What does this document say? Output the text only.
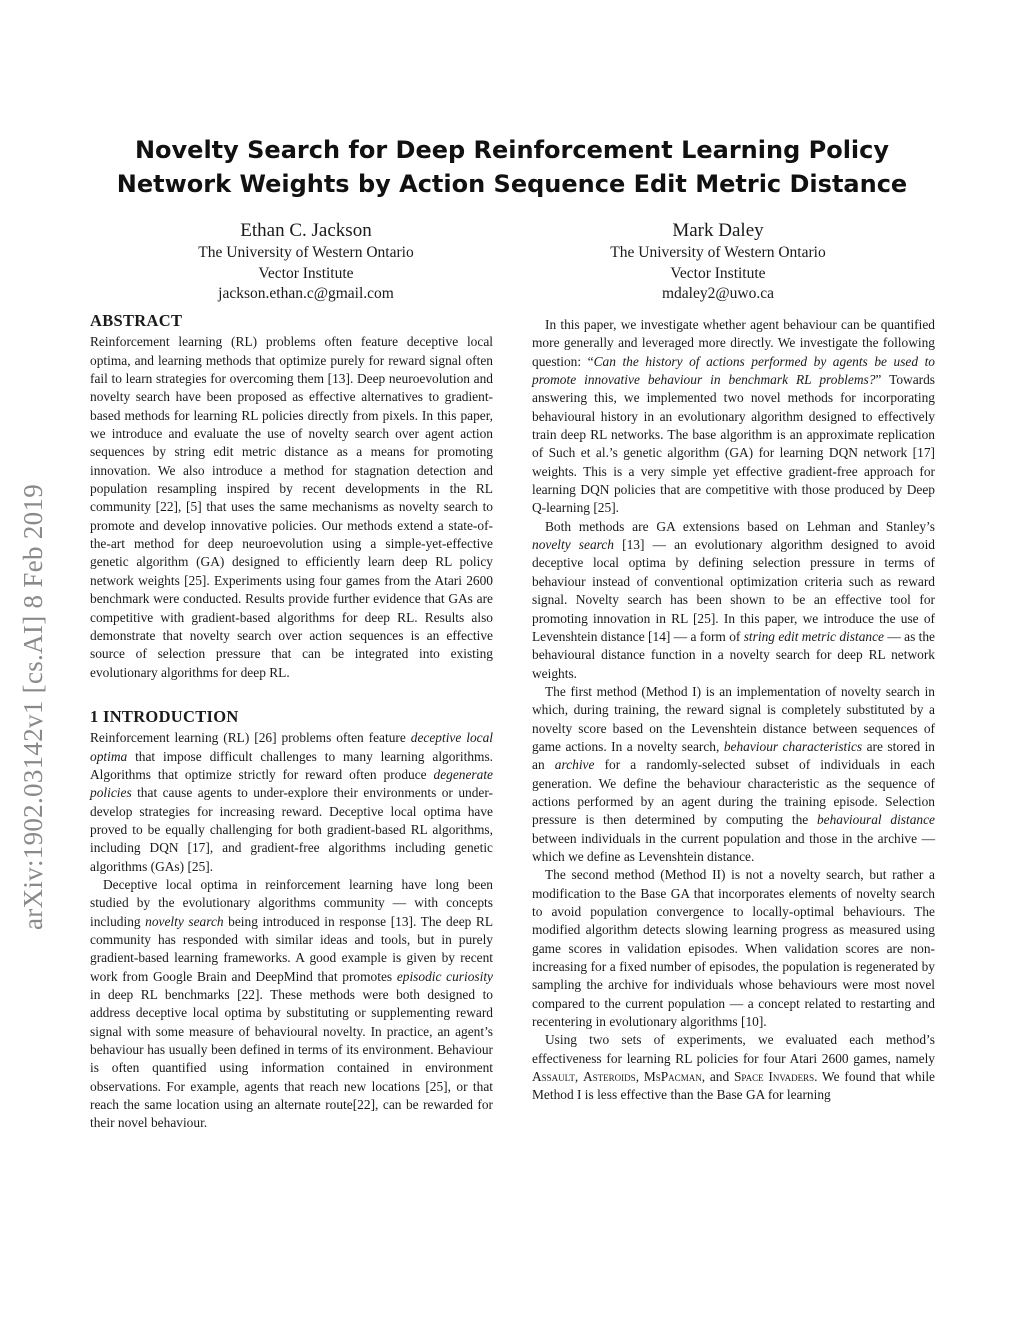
arXiv:1902.03142v1 [cs.AI] 8 Feb 2019
Novelty Search for Deep Reinforcement Learning Policy
Network Weights by Action Sequence Edit Metric Distance
Ethan C. Jackson
The University of Western Ontario
Vector Institute
jackson.ethan.c@gmail.com
Mark Daley
The University of Western Ontario
Vector Institute
mdaley2@uwo.ca
ABSTRACT

Reinforcement learning (RL) problems often feature deceptive local optima, and learning methods that optimize purely for reward signal often fail to learn strategies for overcoming them [13]. Deep neuroevolution and novelty search have been proposed as effective alternatives to gradient-based methods for learning RL policies directly from pixels. In this paper, we introduce and evaluate the use of novelty search over agent action sequences by string edit metric distance as a means for promoting innovation. We also introduce a method for stagnation detection and population resampling inspired by recent developments in the RL community [22], [5] that uses the same mechanisms as novelty search to promote and develop innovative policies. Our methods extend a state-of-the-art method for deep neuroevolution using a simple-yet-effective genetic algorithm (GA) designed to efficiently learn deep RL policy network weights [25]. Experiments using four games from the Atari 2600 benchmark were conducted. Results provide further evidence that GAs are competitive with gradient-based algorithms for deep RL. Results also demonstrate that novelty search over action sequences is an effective source of selection pressure that can be integrated into existing evolutionary algorithms for deep RL.

1 INTRODUCTION

Reinforcement learning (RL) [26] problems often feature deceptive local optima that impose difficult challenges to many learning algorithms. Algorithms that optimize strictly for reward often produce degenerate policies that cause agents to under-explore their environments or under-develop strategies for increasing reward. Deceptive local optima have proved to be equally challenging for both gradient-based RL algorithms, including DQN [17], and gradient-free algorithms including genetic algorithms (GAs) [25].

Deceptive local optima in reinforcement learning have long been studied by the evolutionary algorithms community — with concepts including novelty search being introduced in response [13]. The deep RL community has responded with similar ideas and tools, but in purely gradient-based learning frameworks. A good example is given by recent work from Google Brain and DeepMind that promotes episodic curiosity in deep RL benchmarks [22]. These methods were both designed to address deceptive local optima by substituting or supplementing reward signal with some measure of behavioural novelty. In practice, an agent’s behaviour has usually been defined in terms of its environment. Behaviour is often quantified using information contained in environment observations. For example, agents that reach new locations [25], or that reach the same location using an alternate route[22], can be rewarded for their novel behaviour.

In this paper, we investigate whether agent behaviour can be quantified more generally and leveraged more directly. We investigate the following question: “Can the history of actions performed by agents be used to promote innovative behaviour in benchmark RL problems?” Towards answering this, we implemented two novel methods for incorporating behavioural history in an evolutionary algorithm designed to effectively train deep RL networks. The base algorithm is an approximate replication of Such et al.’s genetic algorithm (GA) for learning DQN network [17] weights. This is a very simple yet effective gradient-free approach for learning DQN policies that are competitive with those produced by Deep Q-learning [25].

Both methods are GA extensions based on Lehman and Stanley’s novelty search [13] — an evolutionary algorithm designed to avoid deceptive local optima by defining selection pressure in terms of behaviour instead of conventional optimization criteria such as reward signal. Novelty search has been shown to be an effective tool for promoting innovation in RL [25]. In this paper, we introduce the use of Levenshtein distance [14] — a form of string edit metric distance — as the behavioural distance function in a novelty search for deep RL network weights.

The first method (Method I) is an implementation of novelty search in which, during training, the reward signal is completely substituted by a novelty score based on the Levenshtein distance between sequences of game actions. In a novelty search, behaviour characteristics are stored in an archive for a randomly-selected subset of individuals in each generation. We define the behaviour characteristic as the sequence of actions performed by an agent during the training episode. Selection pressure is then determined by computing the behavioural distance between individuals in the current population and those in the archive — which we define as Levenshtein distance.

The second method (Method II) is not a novelty search, but rather a modification to the Base GA that incorporates elements of novelty search to avoid population convergence to locally-optimal behaviours. The modified algorithm detects slowing learning progress as measured using game scores in validation episodes. When validation scores are non-increasing for a fixed number of episodes, the population is regenerated by sampling the archive for individuals whose behaviours were most novel compared to the current population — a concept related to restarting and recentering in evolutionary algorithms [10].

Using two sets of experiments, we evaluated each method’s effectiveness for learning RL policies for four Atari 2600 games, namely Assault, Asteroids, MsPacman, and Space Invaders. We found that while Method I is less effective than the Base GA for learning
